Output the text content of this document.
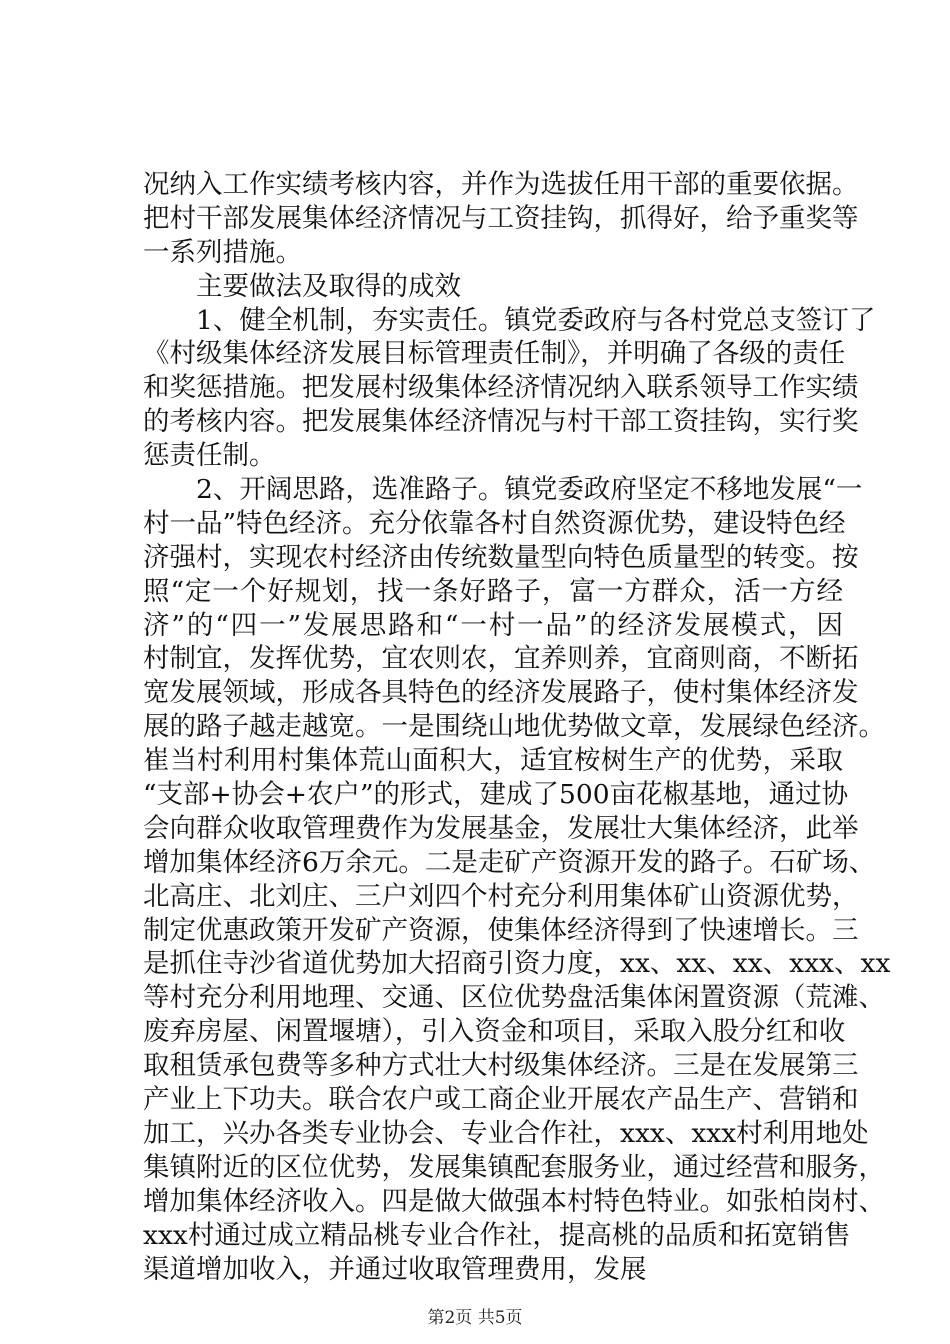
况纳入工作实绩考核内容，并作为选拔任用干部的重要依据。
把村干部发展集体经济情况与工资挂钩，抓得好，给予重奖等
一系列措施。
　　主要做法及取得的成效
　　1、健全机制，夯实责任。镇党委政府与各村党总支签订了
《村级集体经济发展目标管理责任制》，并明确了各级的责任
和奖惩措施。把发展村级集体经济情况纳入联系领导工作实绩
的考核内容。把发展集体经济情况与村干部工资挂钩，实行奖
惩责任制。
　　2、开阔思路，选准路子。镇党委政府坚定不移地发展“一
村一品”特色经济。充分依靠各村自然资源优势，建设特色经
济强村，实现农村经济由传统数量型向特色质量型的转变。按
照“定一个好规划，找一条好路子，富一方群众，活一方经
济”的“四一”发展思路和“一村一品”的经济发展模式，因
村制宜，发挥优势，宜农则农，宜养则养，宜商则商，不断拓
宽发展领域，形成各具特色的经济发展路子，使村集体经济发
展的路子越走越宽。一是围绕山地优势做文章，发展绿色经济。
崔当村利用村集体荒山面积大，适宜桉树生产的优势，采取
“支部+协会+农户”的形式，建成了500亩花椒基地，通过协
会向群众收取管理费作为发展基金，发展壮大集体经济，此举
增加集体经济6万余元。二是走矿产资源开发的路子。石矿场、
北高庄、北刘庄、三户刘四个村充分利用集体矿山资源优势，
制定优惠政策开发矿产资源，使集体经济得到了快速增长。三
是抓住寺沙省道优势加大招商引资力度，xx、xx、xx、xxx、xx
等村充分利用地理、交通、区位优势盘活集体闲置资源（荒滩、
废弃房屋、闲置堰塘），引入资金和项目，采取入股分红和收
取租赁承包费等多种方式壮大村级集体经济。三是在发展第三
产业上下功夫。联合农户或工商企业开展农产品生产、营销和
加工，兴办各类专业协会、专业合作社，xxx、xxx村利用地处
集镇附近的区位优势，发展集镇配套服务业，通过经营和服务，
增加集体经济收入。四是做大做强本村特色特业。如张柏岗村、
xxx村通过成立精品桃专业合作社，提高桃的品质和拓宽销售
渠道增加收入，并通过收取管理费用，发展
第2页 共5页
